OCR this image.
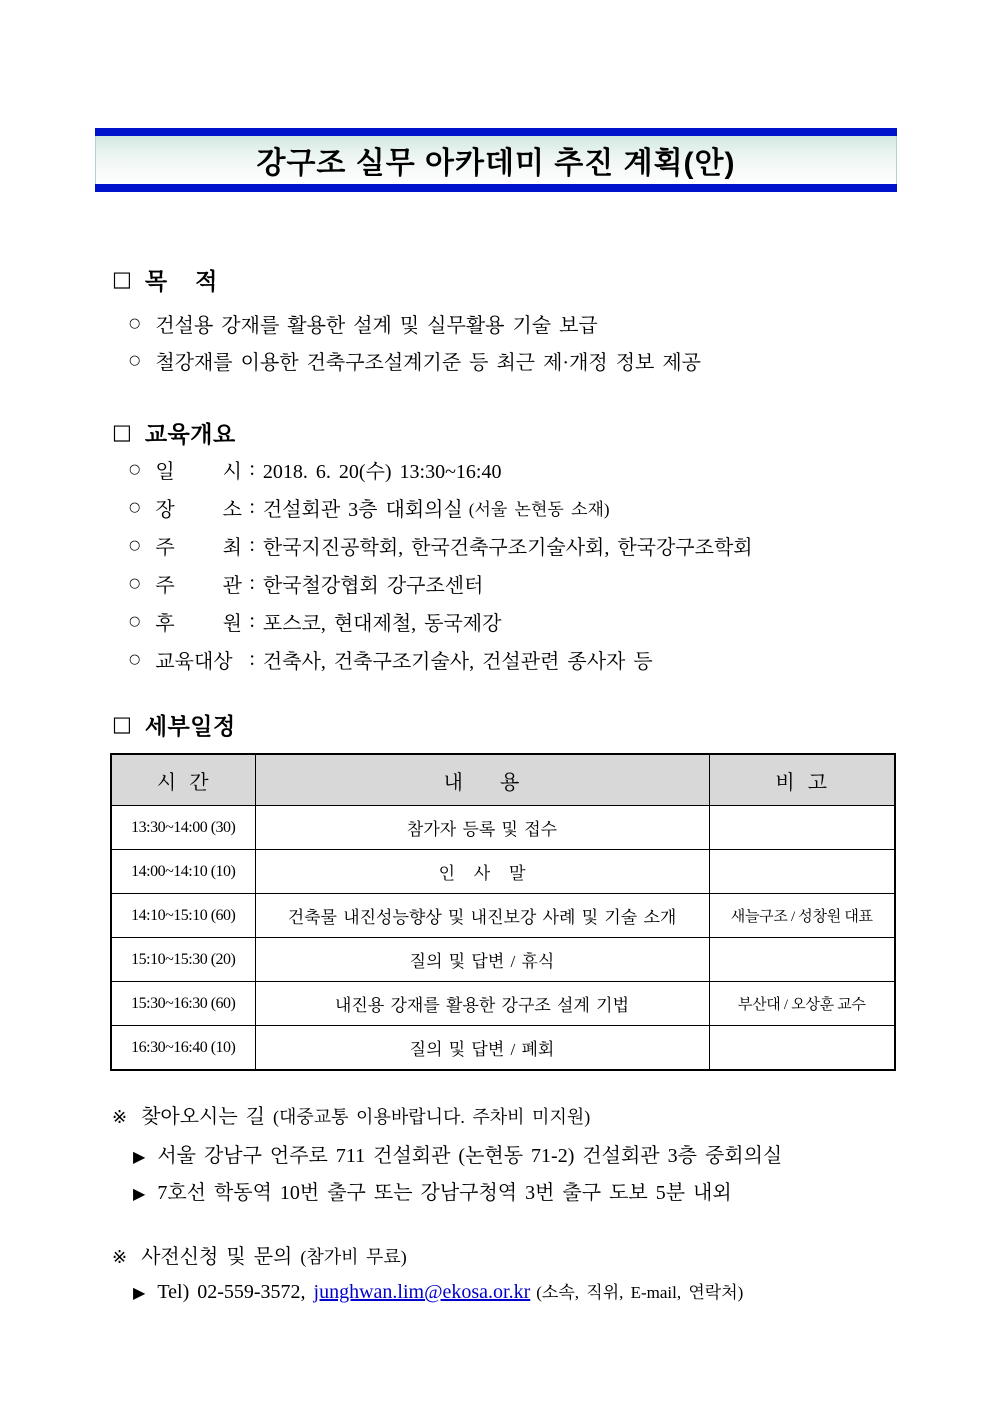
강구조 실무 아카데미 추진 계획(안)
□ 목    적
○ 건설용 강재를 활용한 설계 및 실무활용 기술 보급
○ 철강재를 이용한 건축구조설계기준 등 최근 제·개정 정보 제공
□ 교육개요
○ 일      시 : 2018. 6. 20(수) 13:30~16:40
○ 장      소 : 건설회관 3층 대회의실 (서울 논현동 소재)
○ 주      최 : 한국지진공학회, 한국건축구조기술사회, 한국강구조학회
○ 주      관 : 한국철강협회 강구조센터
○ 후      원 : 포스코, 현대제철, 동국제강
○ 교육대상 : 건축사, 건축구조기술사, 건설관련 종사자 등
□ 세부일정
시  간	내      용	비  고
13:30~14:00 (30)	참가자 등록 및 접수	
14:00~14:10 (10)	인   사   말	
14:10~15:10 (60)	건축물 내진성능향상 및 내진보강 사례 및 기술 소개	새늘구조 / 성창원 대표
15:10~15:30 (20)	질의 및 답변 / 휴식	
15:30~16:30 (60)	내진용 강재를 활용한 강구조 설계 기법	부산대 / 오상훈 교수
16:30~16:40 (10)	질의 및 답변 / 폐회	
※ 찾아오시는 길 (대중교통 이용바랍니다. 주차비 미지원)
▶ 서울 강남구 언주로 711 건설회관 (논현동 71-2) 건설회관 3층 중회의실
▶ 7호선 학동역 10번 출구 또는 강남구청역 3번 출구 도보 5분 내외
※ 사전신청 및 문의 (참가비 무료)
▶ Tel) 02-559-3572, junghwan.lim@ekosa.or.kr (소속, 직위, E-mail, 연락처)
